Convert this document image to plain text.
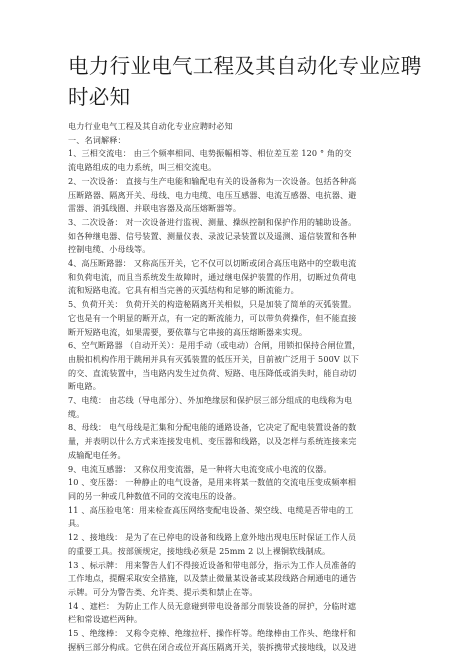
电力行业电气工程及其自动化专业应聘
时必知
电力行业电气工程及其自动化专业应聘时必知
一、名词解释：
1、三相交流电： 由三个频率相同、电势振幅相等、相位差互差 120 ° 角的交
流电路组成的电力系统，叫三相交流电。
2、一次设备： 直接与生产电能和输配电有关的设备称为一次设备。包括各种高
压断路器、隔离开关、母线、电力电缆、电压互感器、电流互感器、电抗器、避
雷器、消弧线圈、并联电容器及高压熔断器等。
3、二次设备： 对一次设备进行监视、测量、操纵控制和保护作用的辅助设备。
如各种继电器、信号装置、测量仪表、录波记录装置以及遥测、遥信装置和各种
控制电缆、小母线等。
4、高压断路器： 又称高压开关，它不仅可以切断或闭合高压电路中的空载电流
和负荷电流，而且当系统发生故障时，通过继电保护装置的作用，切断过负荷电
流和短路电流。它具有相当完善的灭弧结构和足够的断流能力。
5、负荷开关： 负荷开关的构造秘隔离开关相似，只是加装了简单的灭弧装置。
它也是有一个明显的断开点，有一定的断流能力，可以带负荷操作，但不能直接
断开短路电流，如果需要，要依靠与它串接的高压熔断器来实现。
6、空气断路器 （自动开关）：是用手动（或电动）合闸，用锁扣保持合闸位置，
由脱扣机构作用于跳闸并具有灭弧装置的低压开关，目前被广泛用于 500V 以下
的交、直流装置中，当电路内发生过负荷、短路、电压降低或消失时，能自动切
断电路。
7、电缆： 由芯线（导电部分）、外加绝缘层和保护层三部分组成的电线称为电
缆。
8、母线： 电气母线是汇集和分配电能的通路设备，它决定了配电装置设备的数
量，并表明以什么方式来连接发电机、变压器和线路，以及怎样与系统连接来完
成输配电任务。
9、电流互感器： 又称仪用变流器，是一种将大电流变成小电流的仪器。
10 、变压器： 一种静止的电气设备，是用来将某一数值的交流电压变成频率相
同的另一种或几种数值不同的交流电压的设备。
11 、高压验电笔：用来检查高压网络变配电设备、架空线、电缆是否带电的工
具。
12 、接地线： 是为了在已停电的设备和线路上意外地出现电压时保证工作人员
的重要工具。按部颁规定，接地线必须是 25mm 2 以上裸铜软线制成。
13 、标示牌： 用来警告人们不得接近设备和带电部分，指示为工作人员准备的
工作地点，提醒采取安全措施，以及禁止微量某设备或某段线路合闸通电的通告
示牌。可分为警告类、允许类、提示类和禁止在等。
14 、遮栏： 为防止工作人员无意碰到带电设备部分而装设备的屏护，分临时遮
栏和常设遮栏两种。
15 、绝缘棒： 又称令克棒、绝缘拉杆、操作杆等。绝缘棒由工作头、绝缘杆和
握柄三部分构成。它供在闭合或位开高压隔离开关，装拆携带式接地线，以及进
